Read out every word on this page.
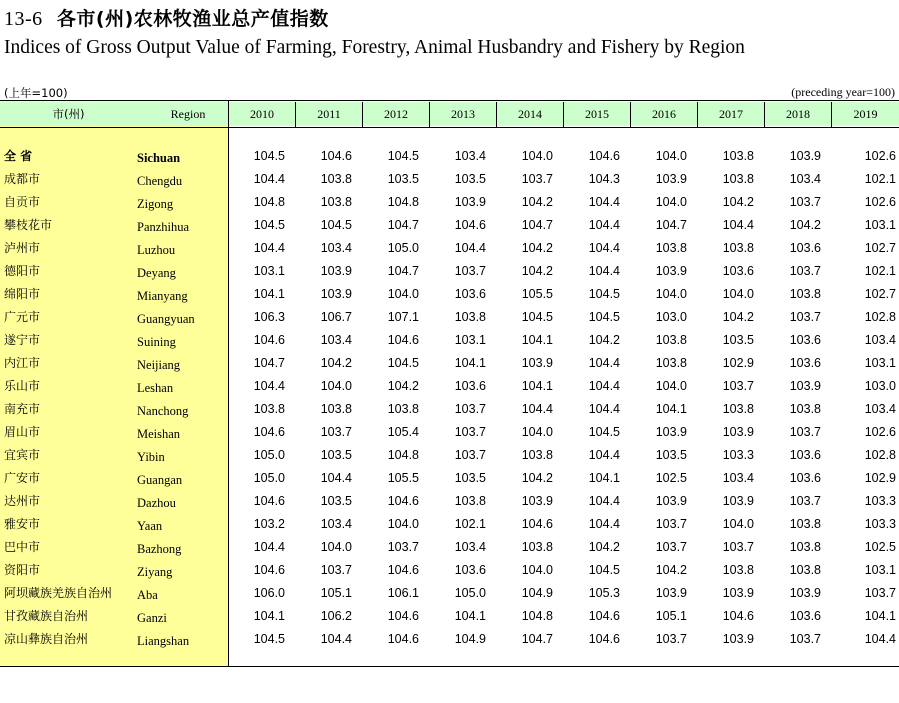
13-6 各市(州)农林牧渔业总产值指数
Indices of Gross Output Value of Farming, Forestry, Animal Husbandry and Fishery by Region
(上年=100)	(preceding year=100)
市(州)	Region	2010	2011	2012	2013	2014	2015	2016	2017	2018	2019
全 省	Sichuan	104.5	104.6	104.5	103.4	104.0	104.6	104.0	103.8	103.9	102.6
成都市	Chengdu	104.4	103.8	103.5	103.5	103.7	104.3	103.9	103.8	103.4	102.1
自贡市	Zigong	104.8	103.8	104.8	103.9	104.2	104.4	104.0	104.2	103.7	102.6
攀枝花市	Panzhihua	104.5	104.5	104.7	104.6	104.7	104.4	104.7	104.4	104.2	103.1
泸州市	Luzhou	104.4	103.4	105.0	104.4	104.2	104.4	103.8	103.8	103.6	102.7
德阳市	Deyang	103.1	103.9	104.7	103.7	104.2	104.4	103.9	103.6	103.7	102.1
绵阳市	Mianyang	104.1	103.9	104.0	103.6	105.5	104.5	104.0	104.0	103.8	102.7
广元市	Guangyuan	106.3	106.7	107.1	103.8	104.5	104.5	103.0	104.2	103.7	102.8
遂宁市	Suining	104.6	103.4	104.6	103.1	104.1	104.2	103.8	103.5	103.6	103.4
内江市	Neijiang	104.7	104.2	104.5	104.1	103.9	104.4	103.8	102.9	103.6	103.1
乐山市	Leshan	104.4	104.0	104.2	103.6	104.1	104.4	104.0	103.7	103.9	103.0
南充市	Nanchong	103.8	103.8	103.8	103.7	104.4	104.4	104.1	103.8	103.8	103.4
眉山市	Meishan	104.6	103.7	105.4	103.7	104.0	104.5	103.9	103.9	103.7	102.6
宜宾市	Yibin	105.0	103.5	104.8	103.7	103.8	104.4	103.5	103.3	103.6	102.8
广安市	Guangan	105.0	104.4	105.5	103.5	104.2	104.1	102.5	103.4	103.6	102.9
达州市	Dazhou	104.6	103.5	104.6	103.8	103.9	104.4	103.9	103.9	103.7	103.3
雅安市	Yaan	103.2	103.4	104.0	102.1	104.6	104.4	103.7	104.0	103.8	103.3
巴中市	Bazhong	104.4	104.0	103.7	103.4	103.8	104.2	103.7	103.7	103.8	102.5
资阳市	Ziyang	104.6	103.7	104.6	103.6	104.0	104.5	104.2	103.8	103.8	103.1
阿坝藏族羌族自治州 Aba	106.0	105.1	106.1	105.0	104.9	105.3	103.9	103.9	103.9	103.7
甘孜藏族自治州	Ganzi	104.1	106.2	104.6	104.1	104.8	104.6	105.1	104.6	103.6	104.1
凉山彝族自治州	Liangshan	104.5	104.4	104.6	104.9	104.7	104.6	103.7	103.9	103.7	104.4
